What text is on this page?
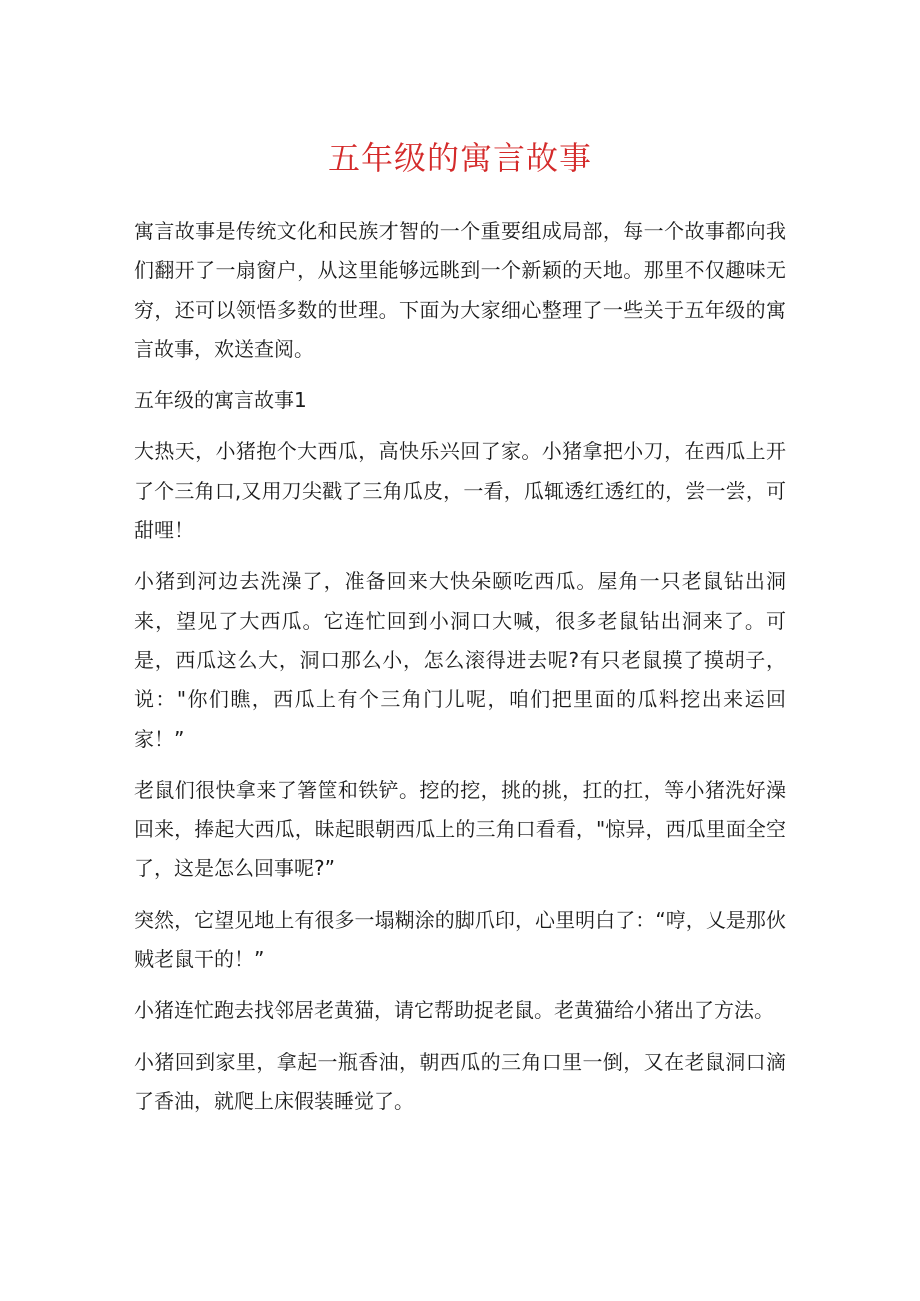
五年级的寓言故事

寓言故事是传统文化和民族才智的一个重要组成局部，每一个故事都向我们翻开了一扇窗户，从这里能够远眺到一个新颖的天地。那里不仅趣味无穷，还可以领悟多数的世理。下面为大家细心整理了一些关于五年级的寓言故事，欢送查阅。

五年级的寓言故事1

大热天，小猪抱个大西瓜，高快乐兴回了家。小猪拿把小刀，在西瓜上开了个三角口,又用刀尖戳了三角瓜皮，一看，瓜辄透红透红的，尝一尝，可甜哩！

小猪到河边去洗澡了，准备回来大快朵颐吃西瓜。屋角一只老鼠钻出洞来，望见了大西瓜。它连忙回到小洞口大喊，很多老鼠钻出洞来了。可是，西瓜这么大，洞口那么小，怎么滚得进去呢?有只老鼠摸了摸胡子，说："你们瞧，西瓜上有个三角门儿呢，咱们把里面的瓜料挖出来运回家！”

老鼠们很快拿来了箸筐和铁铲。挖的挖，挑的挑，扛的扛，等小猪洗好澡回来，捧起大西瓜，昧起眼朝西瓜上的三角口看看，"惊异，西瓜里面全空了，这是怎么回事呢?”

突然，它望见地上有很多一塌糊涂的脚爪印，心里明白了：“哼，乂是那伙贼老鼠干的！”

小猪连忙跑去找邻居老黄猫，请它帮助捉老鼠。老黄猫给小猪出了方法。

小猪回到家里，拿起一瓶香油，朝西瓜的三角口里一倒，又在老鼠洞口滴了香油，就爬上床假装睡觉了。
